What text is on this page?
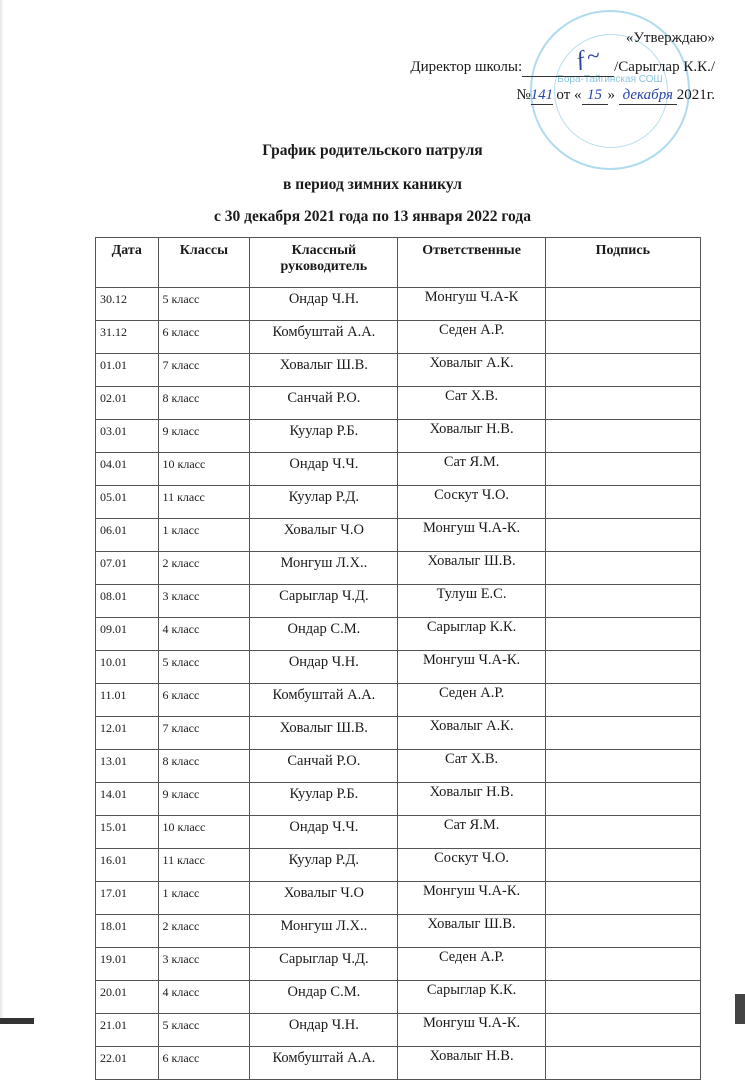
Бора-Тайгинская СОШ
«Утверждаю»
Директор школы:	/Сарыглар К.К./
ƒ~
№141 от « 15 » декабря 2021г.
График родительского патруля
в период зимних каникул
с 30 декабря 2021 года по 13 января 2022 года
Дата	Классы	Классный руководитель	Ответственные	Подпись
30.12	5 класс	Ондар Ч.Н.	Монгуш Ч.А-К	
31.12	6 класс	Комбуштай А.А.	Седен А.Р.	
01.01	7 класс	Ховалыг Ш.В.	Ховалыг А.К.	
02.01	8 класс	Санчай Р.О.	Сат Х.В.	
03.01	9 класс	Куулар Р.Б.	Ховалыг Н.В.	
04.01	10 класс	Ондар Ч.Ч.	Сат Я.М.	
05.01	11 класс	Куулар Р.Д.	Соскут Ч.О.	
06.01	1 класс	Ховалыг Ч.О	Монгуш Ч.А-К.	
07.01	2 класс	Монгуш Л.Х..	Ховалыг Ш.В.	
08.01	3 класс	Сарыглар Ч.Д.	Тулуш Е.С.	
09.01	4 класс	Ондар С.М.	Сарыглар К.К.	
10.01	5 класс	Ондар Ч.Н.	Монгуш Ч.А-К.	
11.01	6 класс	Комбуштай А.А.	Седен А.Р.	
12.01	7 класс	Ховалыг Ш.В.	Ховалыг А.К.	
13.01	8 класс	Санчай Р.О.	Сат Х.В.	
14.01	9 класс	Куулар Р.Б.	Ховалыг Н.В.	
15.01	10 класс	Ондар Ч.Ч.	Сат Я.М.	
16.01	11 класс	Куулар Р.Д.	Соскут Ч.О.	
17.01	1 класс	Ховалыг Ч.О	Монгуш Ч.А-К.	
18.01	2 класс	Монгуш Л.Х..	Ховалыг Ш.В.	
19.01	3 класс	Сарыглар Ч.Д.	Седен А.Р.	
20.01	4 класс	Ондар С.М.	Сарыглар К.К.	
21.01	5 класс	Ондар Ч.Н.	Монгуш Ч.А-К.	
22.01	6 класс	Комбуштай А.А.	Ховалыг Н.В.	
